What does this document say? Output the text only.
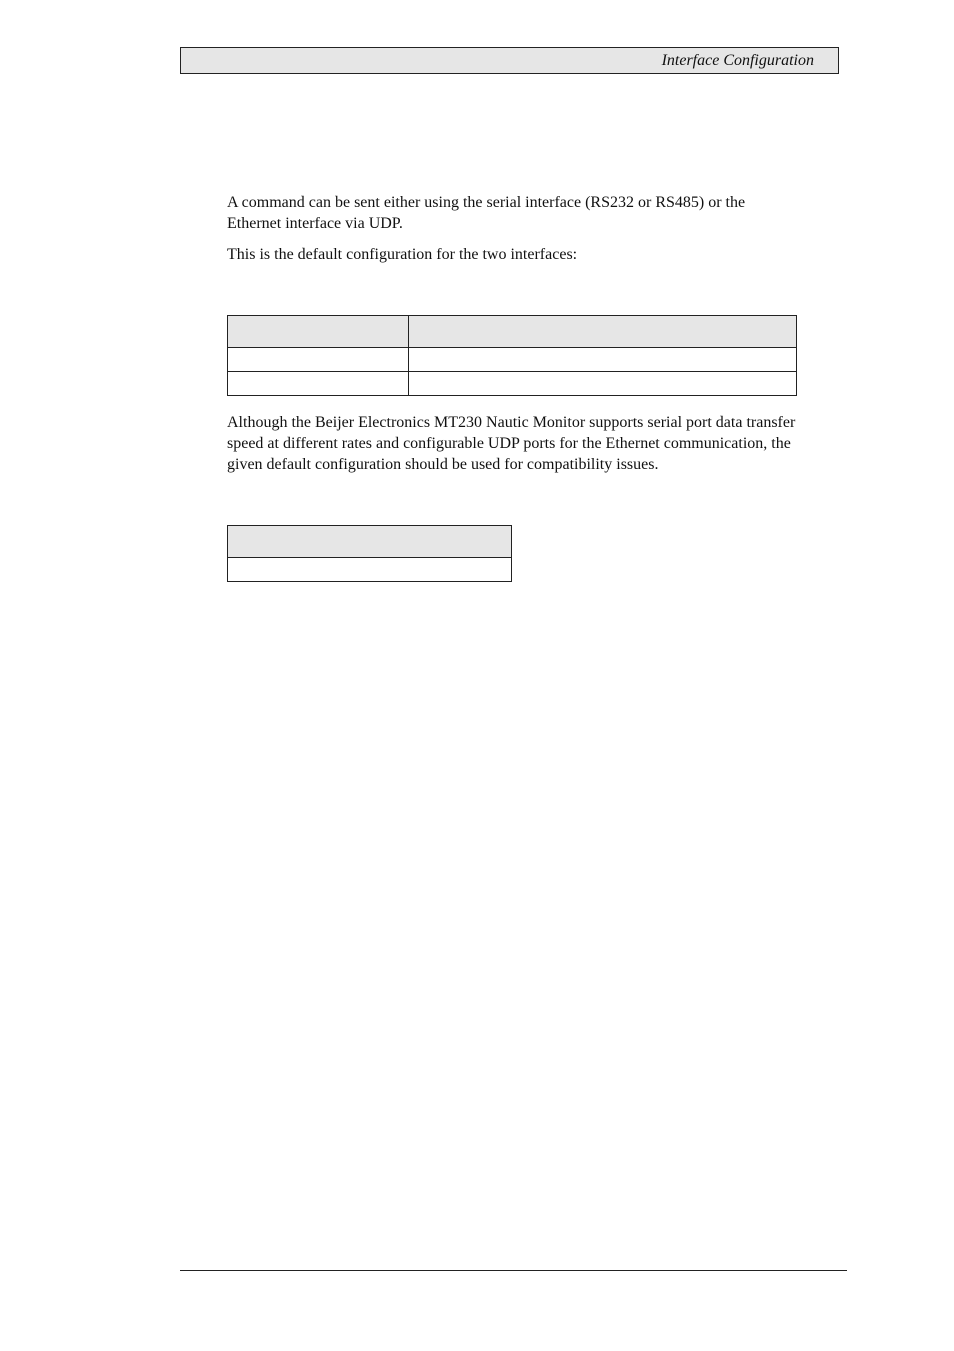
Interface Configuration

A command can be sent either using the serial interface (RS232 or RS485) or the Ethernet interface via UDP.

This is the default configuration for the two interfaces:

Although the Beijer Electronics MT230 Nautic Monitor supports serial port data transfer speed at different rates and configurable UDP ports for the Ethernet communication, the given default configuration should be used for compatibility issues.
